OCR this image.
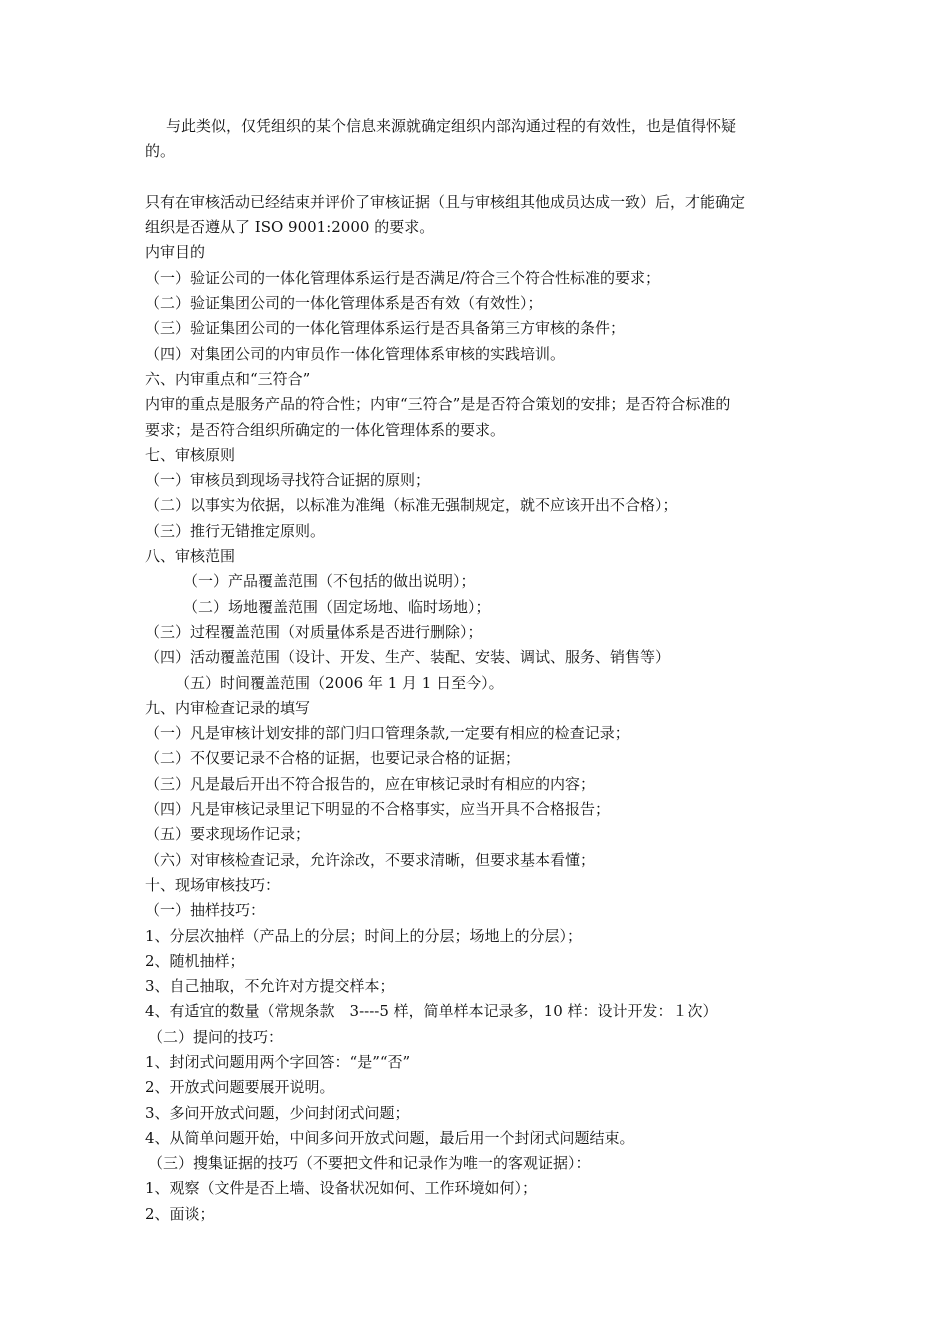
与此类似，仅凭组织的某个信息来源就确定组织内部沟通过程的有效性，也是值得怀疑
的。
只有在审核活动已经结束并评价了审核证据（且与审核组其他成员达成一致）后，才能确定
组织是否遵从了 ISO 9001:2000 的要求。
内审目的
（一）验证公司的一体化管理体系运行是否满足/符合三个符合性标准的要求；
（二）验证集团公司的一体化管理体系是否有效（有效性）；
（三）验证集团公司的一体化管理体系运行是否具备第三方审核的条件；
（四）对集团公司的内审员作一体化管理体系审核的实践培训。
六、内审重点和“三符合”
内审的重点是服务产品的符合性；内审“三符合”是是否符合策划的安排；是否符合标准的
要求；是否符合组织所确定的一体化管理体系的要求。
七、审核原则
（一）审核员到现场寻找符合证据的原则；
（二）以事实为依据，以标准为准绳（标准无强制规定，就不应该开出不合格）；
（三）推行无错推定原则。
八、审核范围
（一）产品覆盖范围（不包括的做出说明）；
（二）场地覆盖范围（固定场地、临时场地）；
（三）过程覆盖范围（对质量体系是否进行删除）；
（四）活动覆盖范围（设计、开发、生产、装配、安装、调试、服务、销售等）
（五）时间覆盖范围（2006 年 1 月 1 日至今）。
九、内审检查记录的填写
（一）凡是审核计划安排的部门归口管理条款,一定要有相应的检查记录；
（二）不仅要记录不合格的证据，也要记录合格的证据；
（三）凡是最后开出不符合报告的，应在审核记录时有相应的内容；
（四）凡是审核记录里记下明显的不合格事实，应当开具不合格报告；
（五）要求现场作记录；
（六）对审核检查记录，允许涂改，不要求清晰，但要求基本看懂；
十、现场审核技巧：
（一）抽样技巧：
1、分层次抽样（产品上的分层；时间上的分层；场地上的分层）；
2、随机抽样；
3、自己抽取，不允许对方提交样本；
4、有适宜的数量（常规条款　3----5 样，简单样本记录多，10 样：设计开发：１次）
（二）提问的技巧：
1、封闭式问题用两个字回答：“是”“否”
2、开放式问题要展开说明。
3、多问开放式问题，少问封闭式问题；
4、从简单问题开始，中间多问开放式问题，最后用一个封闭式问题结束。
（三）搜集证据的技巧（不要把文件和记录作为唯一的客观证据）：
1、观察（文件是否上墙、设备状况如何、工作环境如何）；
2、面谈；
